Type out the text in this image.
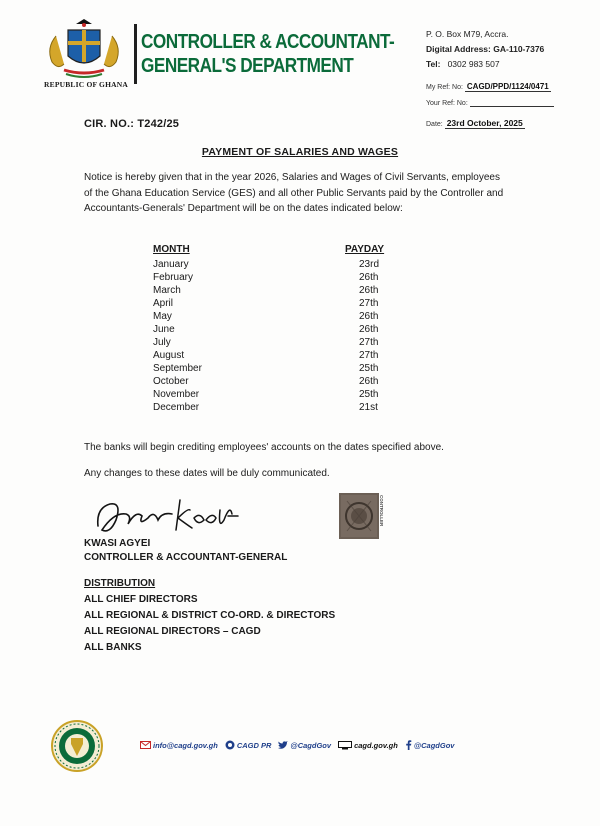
REPUBLIC OF GHANA
CONTROLLER & ACCOUNTANT-
GENERAL'S DEPARTMENT
P. O. Box M79, Accra.
Digital Address: GA-110-7376
Tel: 0302 983 507
My Ref: No: CAGD/PPD/1124/0471
Your Ref: No:
Date: 23rd October, 2025
CIR. NO.: T242/25
PAYMENT OF SALARIES AND WAGES
Notice is hereby given that in the year 2026, Salaries and Wages of Civil Servants, employees of the Ghana Education Service (GES) and all other Public Servants paid by the Controller and Accountants-Generals' Department will be on the dates indicated below:
MONTH	PAYDAY
January	23rd
February	26th
March	26th
April	27th
May	26th
June	26th
July	27th
August	27th
September	25th
October	26th
November	25th
December	21st
The banks will begin crediting employees' accounts on the dates specified above.
Any changes to these dates will be duly communicated.
CONTROLLER
KWASI AGYEI
CONTROLLER & ACCOUNTANT-GENERAL
DISTRIBUTION
ALL CHIEF DIRECTORS
ALL REGIONAL & DISTRICT CO-ORD. & DIRECTORS
ALL REGIONAL DIRECTORS – CAGD
ALL BANKS
info@cagd.gov.gh	CAGD PR	@CagdGov	cagd.gov.gh @CagdGov
